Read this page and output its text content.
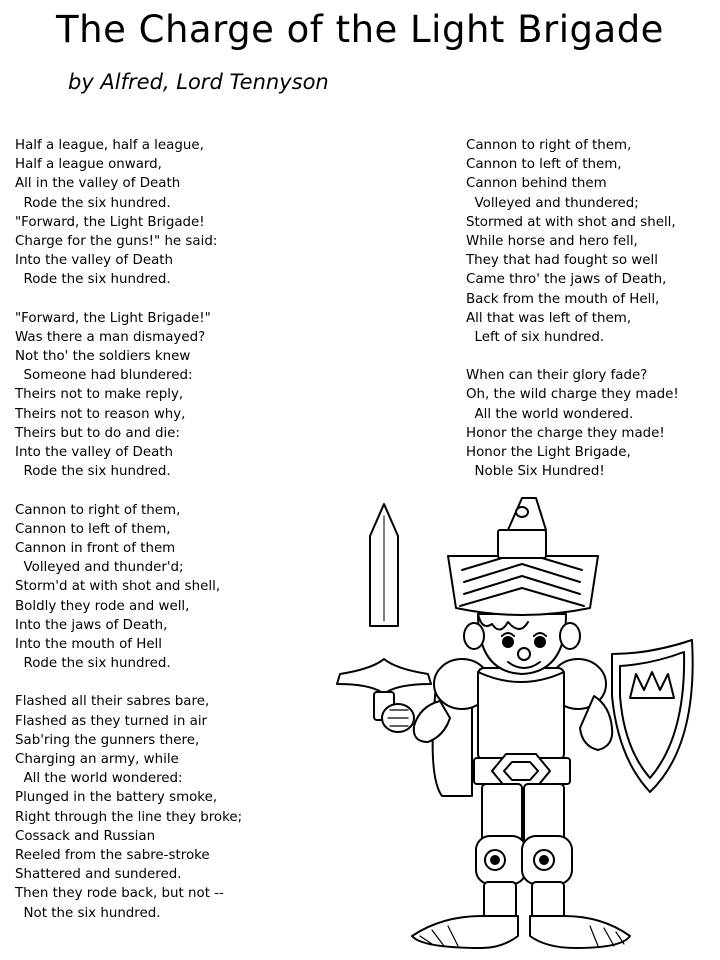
The Charge of the Light Brigade
by Alfred, Lord Tennyson
Half a league, half a league,
Half a league onward,
All in the valley of Death
Rode the six hundred.
"Forward, the Light Brigade!
Charge for the guns!" he said:
Into the valley of Death
Rode the six hundred.
"Forward, the Light Brigade!"
Was there a man dismayed?
Not tho' the soldiers knew
Someone had blundered:
Theirs not to make reply,
Theirs not to reason why,
Theirs but to do and die:
Into the valley of Death
Rode the six hundred.
Cannon to right of them,
Cannon to left of them,
Cannon in front of them
Volleyed and thunder'd;
Storm'd at with shot and shell,
Boldly they rode and well,
Into the jaws of Death,
Into the mouth of Hell
Rode the six hundred.
Flashed all their sabres bare,
Flashed as they turned in air
Sab'ring the gunners there,
Charging an army, while
All the world wondered:
Plunged in the battery smoke,
Right through the line they broke;
Cossack and Russian
Reeled from the sabre-stroke
Shattered and sundered.
Then they rode back, but not --
Not the six hundred.
Cannon to right of them,
Cannon to left of them,
Cannon behind them
Volleyed and thundered;
Stormed at with shot and shell,
While horse and hero fell,
They that had fought so well
Came thro' the jaws of Death,
Back from the mouth of Hell,
All that was left of them,
Left of six hundred.
When can their glory fade?
Oh, the wild charge they made!
All the world wondered.
Honor the charge they made!
Honor the Light Brigade,
Noble Six Hundred!
